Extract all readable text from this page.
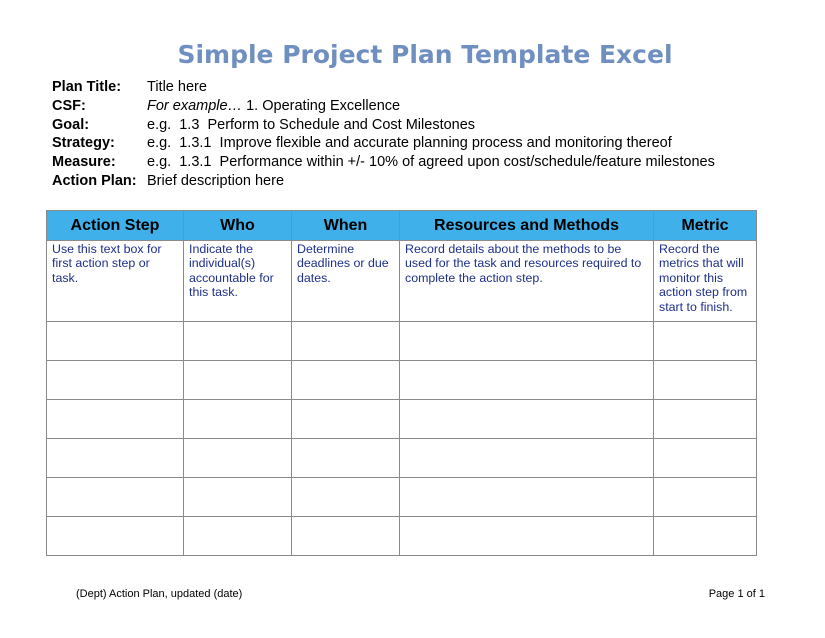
Simple Project Plan Template Excel
Plan Title:	Title here
CSF:	For example… 1. Operating Excellence
Goal:	e.g.  1.3  Perform to Schedule and Cost Milestones
Strategy:	e.g.  1.3.1  Improve flexible and accurate planning process and monitoring thereof
Measure:	e.g.  1.3.1  Performance within +/- 10% of agreed upon cost/schedule/feature milestones
Action Plan: Brief description here
Action Step	Who	When	Resources and Methods	Metric
Use this text box for first action step or task.	Indicate the individual(s) accountable for this task.	Determine deadlines or due dates.	Record details about the methods to be used for the task and resources required to complete the action step.	Record the metrics that will monitor this action step from start to finish.

(Dept) Action Plan, updated (date)	Page 1 of 1
